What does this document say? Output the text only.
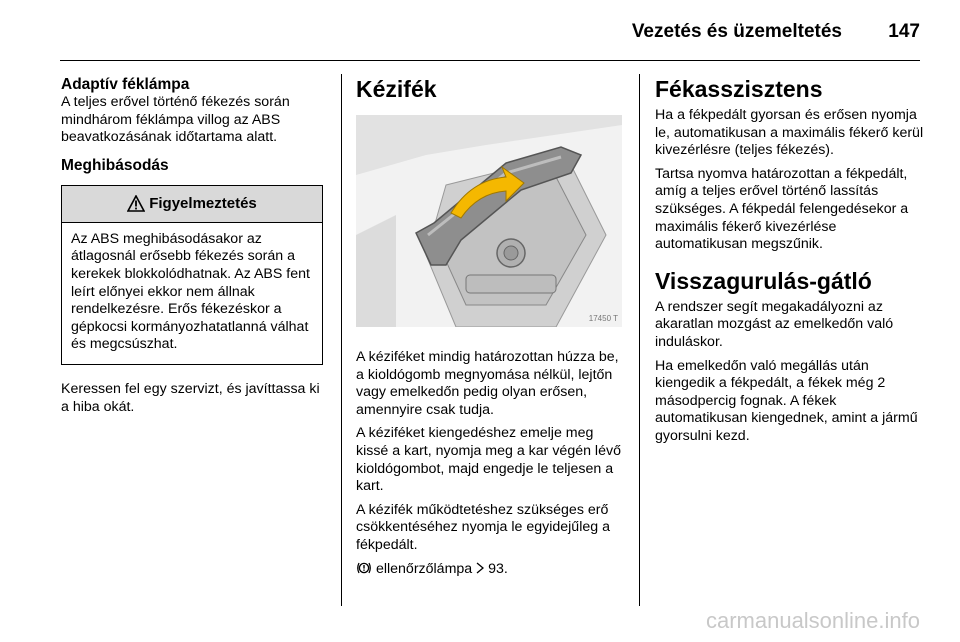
Vezetés és üzemeltetés 147
Adaptív féklámpa

A teljes erővel történő fékezés során mindhárom féklámpa villog az ABS beavatkozásának időtartama alatt.

Meghibásodás
Figyelmeztetés

Az ABS meghibásodásakor az átlagosnál erősebb fékezés során a kerekek blokkolódhatnak. Az ABS fent leírt előnyei ekkor nem állnak rendelkezésre. Erős fékezéskor a gépkocsi kormányozhatatlanná válhat és megcsúszhat.

Keressen fel egy szervizt, és javíttassa ki a hiba okát.

Kézifék
17450 T

A kéziféket mindig határozottan húzza be, a kioldógomb megnyomása nélkül, lejtőn vagy emelkedőn pedig olyan erősen, amennyire csak tudja.

A kéziféket kiengedéshez emelje meg kissé a kart, nyomja meg a kar végén lévő kioldógombot, majd engedje le teljesen a kart.

A kézifék működtetéshez szükséges erő csökkentéséhez nyomja le egyidejűleg a fékpedált.

ellenőrzőlámpa 93.

Fékasszisztens

Ha a fékpedált gyorsan és erősen nyomja le, automatikusan a maximális fékerő kerül kivezérlésre (teljes fékezés).

Tartsa nyomva határozottan a fékpedált, amíg a teljes erővel történő lassítás szükséges. A fékpedál felengedésekor a maximális fékerő kivezérlése automatikusan megszűnik.

Visszagurulás-gátló

A rendszer segít megakadályozni az akaratlan mozgást az emelkedőn való induláskor.

Ha emelkedőn való megállás után kiengedik a fékpedált, a fékek még 2 másodpercig fognak. A fékek automatikusan kiengednek, amint a jármű gyorsulni kezd.

carmanualsonline.info
